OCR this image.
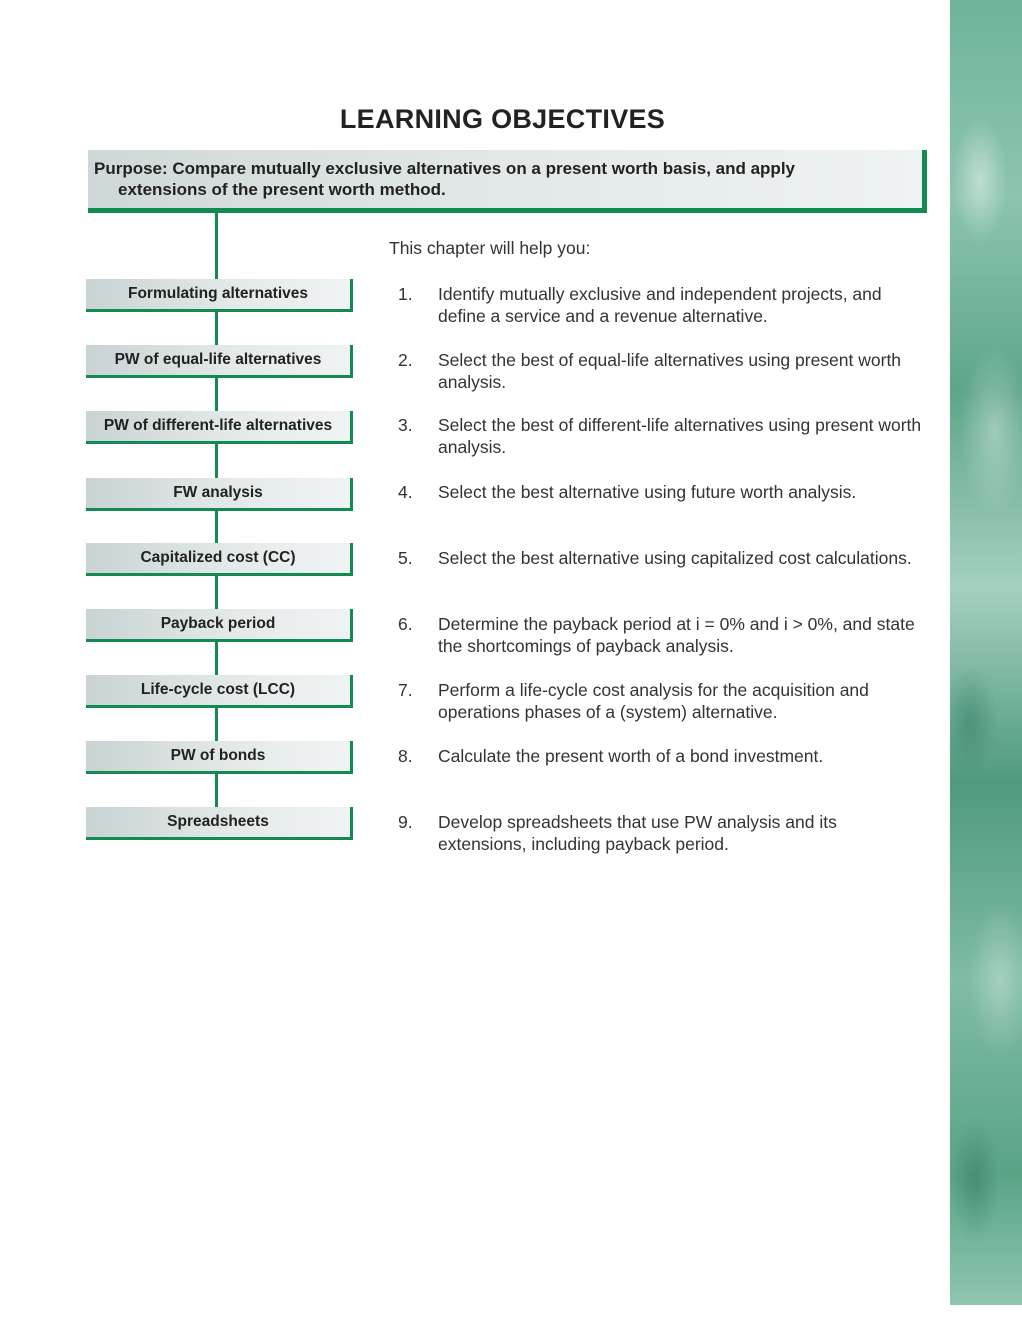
LEARNING OBJECTIVES
Purpose: Compare mutually exclusive alternatives on a present worth basis, and apply extensions of the present worth method.
Formulating alternatives
PW of equal-life alternatives
PW of different-life alternatives
FW analysis
Capitalized cost (CC)
Payback period
Life-cycle cost (LCC)
PW of bonds
Spreadsheets
This chapter will help you:
1.	Identify mutually exclusive and independent projects, and define a service and a revenue alternative.
2.	Select the best of equal-life alternatives using present worth analysis.
3.	Select the best of different-life alternatives using present worth analysis.
4.	Select the best alternative using future worth analysis.
5.	Select the best alternative using capitalized cost calculations.
6.	Determine the payback period at i = 0% and i > 0%, and state the shortcomings of payback analysis.
7.	Perform a life-cycle cost analysis for the acquisition and operations phases of a (system) alternative.
8.	Calculate the present worth of a bond investment.
9.	Develop spreadsheets that use PW analysis and its extensions, including payback period.
